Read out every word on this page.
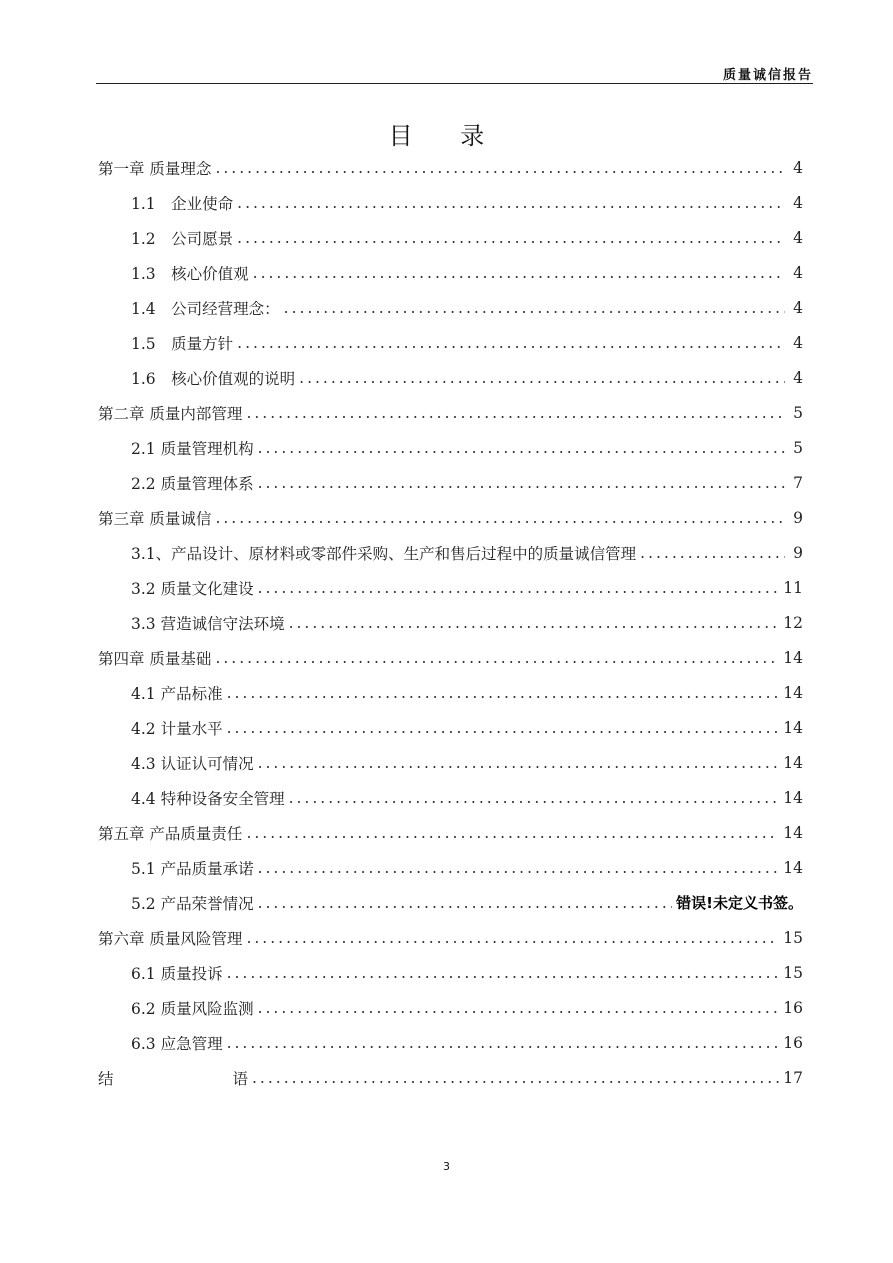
质量诚信报告
目 录
第一章 质量理念 .....	4
1.1　企业使命 .....	4
1.2　公司愿景 .....	4
1.3　核心价值观 .....	4
1.4　公司经营理念： .....	4
1.5　质量方针 .....	4
1.6　核心价值观的说明 .....	4
第二章 质量内部管理 .....	5
2.1 质量管理机构 .....	5
2.2 质量管理体系 .....	7
第三章 质量诚信 .....	9
3.1、产品设计、原材料或零部件采购、生产和售后过程中的质量诚信管理 .....	9
3.2 质量文化建设 .....	11
3.3 营造诚信守法环境 .....	12
第四章 质量基础 .....	14
4.1 产品标准 .....	14
4.2 计量水平 .....	14
4.3 认证认可情况 .....	14
4.4 特种设备安全管理 .....	14
第五章 产品质量责任 .....	14
5.1 产品质量承诺 .....	14
5.2 产品荣誉情况 .....	错误!未定义书签。
第六章 质量风险管理 .....	15
6.1 质量投诉 .....	15
6.2 质量风险监测 .....	16
6.3 应急管理 .....	16
结	语 .....	17
3
